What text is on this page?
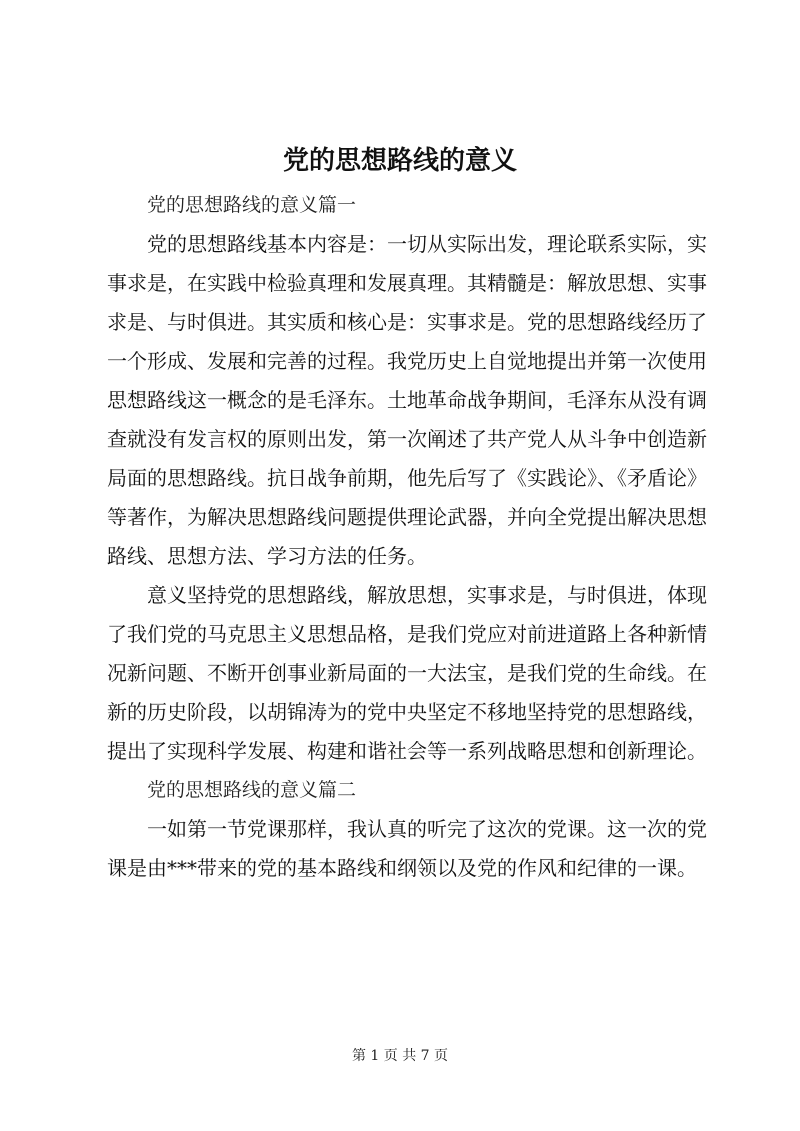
党的思想路线的意义

党的思想路线的意义篇一

党的思想路线基本内容是：一切从实际出发，理论联系实际，实事求是，在实践中检验真理和发展真理。其精髓是：解放思想、实事求是、与时俱进。其实质和核心是：实事求是。党的思想路线经历了一个形成、发展和完善的过程。我党历史上自觉地提出并第一次使用思想路线这一概念的是毛泽东。土地革命战争期间，毛泽东从没有调查就没有发言权的原则出发，第一次阐述了共产党人从斗争中创造新局面的思想路线。抗日战争前期，他先后写了《实践论》、《矛盾论》等著作，为解决思想路线问题提供理论武器，并向全党提出解决思想路线、思想方法、学习方法的任务。

意义坚持党的思想路线，解放思想，实事求是，与时俱进，体现了我们党的马克思主义思想品格，是我们党应对前进道路上各种新情况新问题、不断开创事业新局面的一大法宝，是我们党的生命线。在新的历史阶段，以胡锦涛为的党中央坚定不移地坚持党的思想路线，提出了实现科学发展、构建和谐社会等一系列战略思想和创新理论。

党的思想路线的意义篇二

一如第一节党课那样，我认真的听完了这次的党课。这一次的党课是由***带来的党的基本路线和纲领以及党的作风和纪律的一课。

第 1 页 共 7 页
